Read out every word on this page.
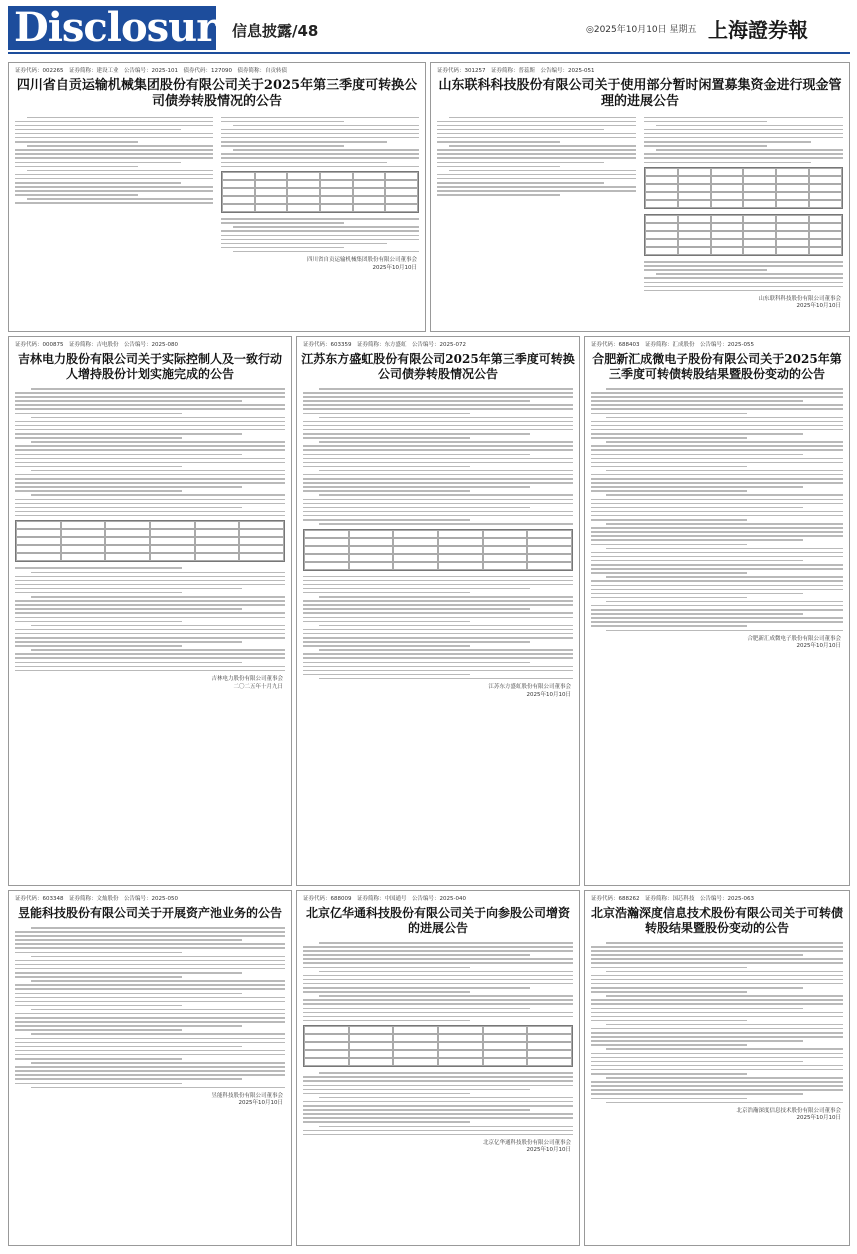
Disclosure
信息披露/48	◎2025年10月10日 星期五 上海證券報
证券代码：002265　证券简称：建设工业　公告编号：2025-101　债券代码：127090　债券简称：自贡转债
四川省自贡运输机械集团股份有限公司关于2025年第三季度可转换公司债券转股情况的公告
四川省自贡运输机械集团股份有限公司董事会
2025年10月10日
证券代码：301257　证券简称：普蕊斯　公告编号：2025-051
山东联科科技股份有限公司关于使用部分暂时闲置募集资金进行现金管理的进展公告
山东联科科技股份有限公司董事会
2025年10月10日
证券代码：000875　证券简称：吉电股份　公告编号：2025-080
吉林电力股份有限公司关于实际控制人及一致行动人增持股份计划实施完成的公告
吉林电力股份有限公司董事会
二〇二五年十月九日
证券代码：603359　证券简称：东方盛虹　公告编号：2025-072
江苏东方盛虹股份有限公司2025年第三季度可转换公司债券转股情况公告
江苏东方盛虹股份有限公司董事会
2025年10月10日
证券代码：688403　证券简称：汇成股份　公告编号：2025-055
合肥新汇成微电子股份有限公司关于2025年第三季度可转债转股结果暨股份变动的公告
合肥新汇成微电子股份有限公司董事会
2025年10月10日
证券代码：603348　证券简称：文灿股份　公告编号：2025-050
昱能科技股份有限公司关于开展资产池业务的公告
昱能科技股份有限公司董事会
2025年10月10日
证券代码：688009　证券简称：中国通号　公告编号：2025-040
北京亿华通科技股份有限公司关于向参股公司增资的进展公告
北京亿华通科技股份有限公司董事会
2025年10月10日
证券代码：688262　证券简称：国芯科技　公告编号：2025-063
北京浩瀚深度信息技术股份有限公司关于可转债转股结果暨股份变动的公告
北京浩瀚深度信息技术股份有限公司董事会
2025年10月10日
